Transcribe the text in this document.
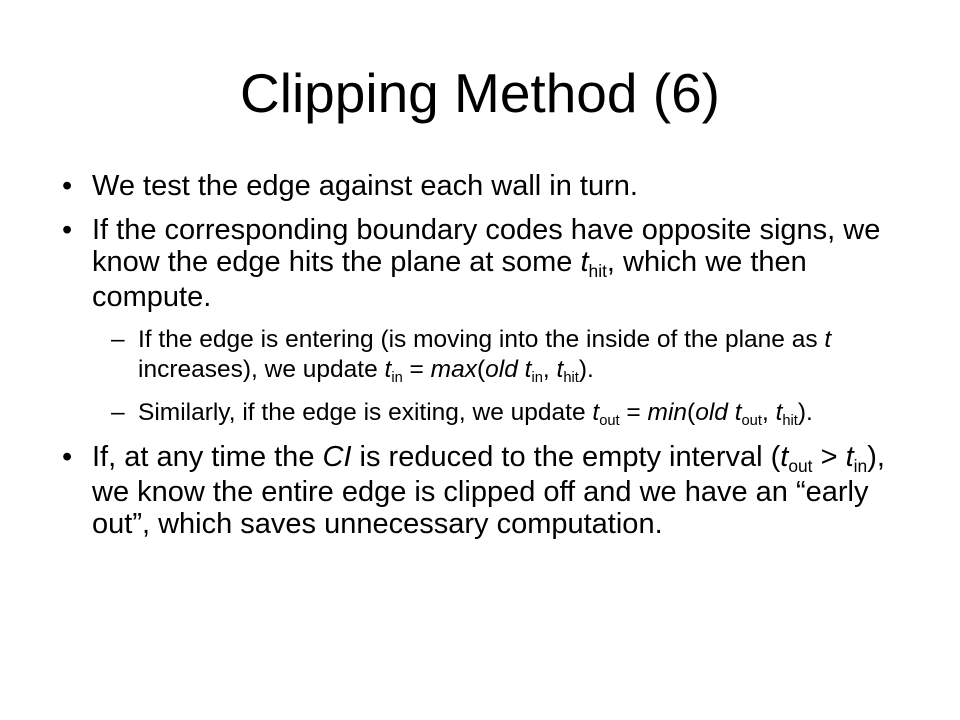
Clipping Method (6)
• We test the edge against each wall in turn.
• If the corresponding boundary codes have opposite signs, we know the edge hits the plane at some $t_{hit}$, which we then compute.
– If the edge is entering (is moving into the inside of the plane as t increases), we update $t_{in} = \max(old$ $t_{in}$, $t_{hit}$).
– Similarly, if the edge is exiting, we update $t_{out} = \min(old$ $t_{out}$, $t_{hit}$).
• If, at any time the CI is reduced to the empty interval $(t_{out} > t_{in})$, we know the entire edge is clipped off and we have an “early out”, which saves unnecessary computation.
